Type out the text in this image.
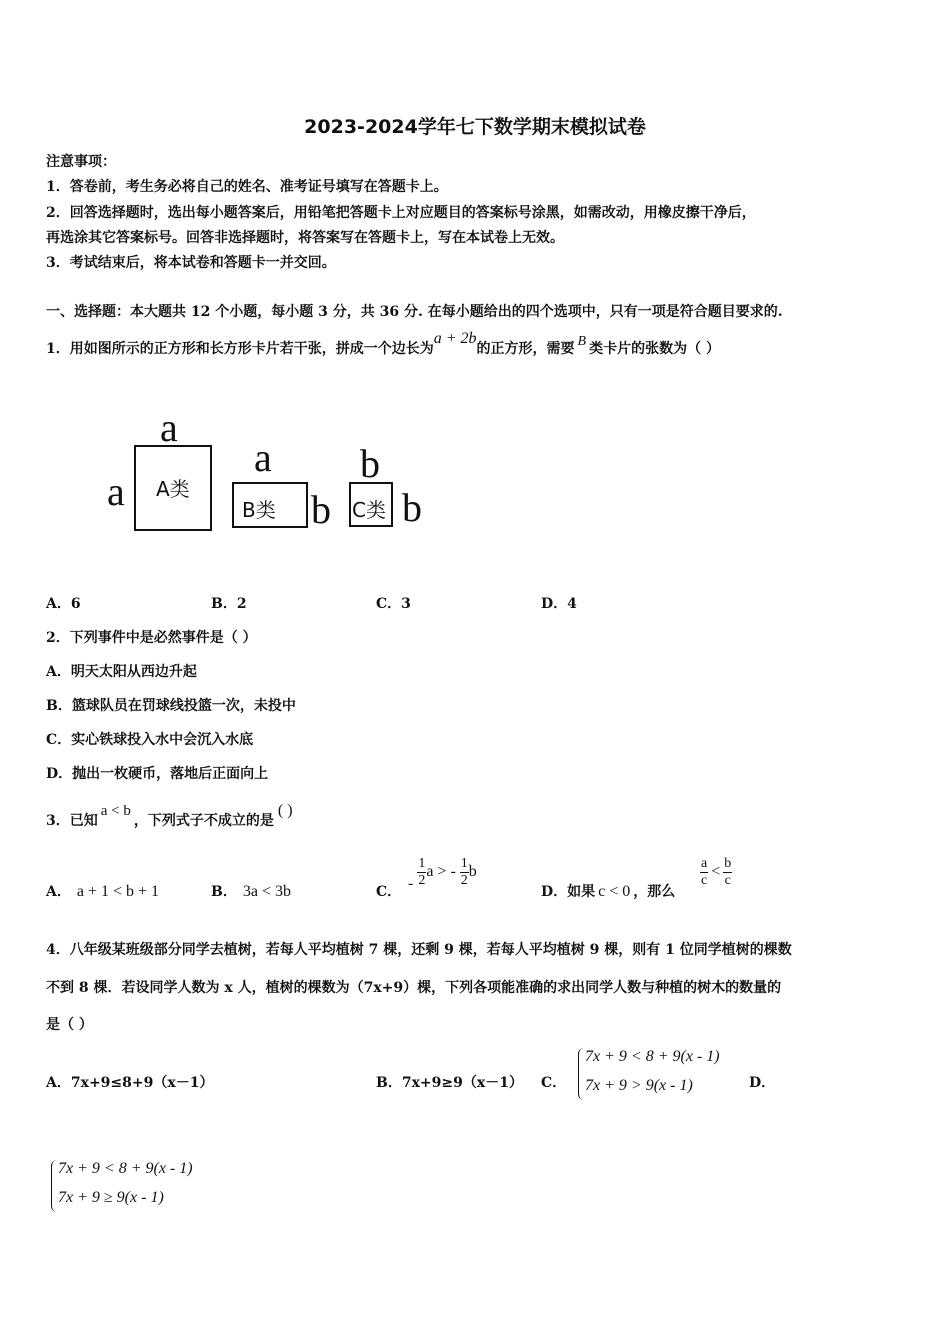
2023-2024学年七下数学期末模拟试卷
注意事项：
1．答卷前，考生务必将自己的姓名、准考证号填写在答题卡上。
2．回答选择题时，选出每小题答案后，用铅笔把答题卡上对应题目的答案标号涂黑，如需改动，用橡皮擦干净后，
再选涂其它答案标号。回答非选择题时，将答案写在答题卡上，写在本试卷上无效。
3．考试结束后，将本试卷和答题卡一并交回。
一、选择题：本大题共 12 个小题，每小题 3 分，共 36 分. 在每小题给出的四个选项中，只有一项是符合题目要求的.
1．用如图所示的正方形和长方形卡片若干张，拼成一个边长为a + 2b的正方形，需要 B 类卡片的张数为（ ）
a
a A类
a
B类 b
b
C类 b
A．6	B．2	C．3	D．4
2．下列事件中是必然事件是（ ）
A．明天太阳从西边升起
B．篮球队员在罚球线投篮一次，未投中
C．实心铁球投入水中会沉入水底
D．抛出一枚硬币，落地后正面向上
3．已知a < b，下列式子不成立的是( )
A． a + 1 < b + 1	B． 3a < 3b	C． - $\frac{1}{2}$ a > - $\frac{1}{2}$ b
D．如果 c < 0 ，那么
$\frac{a}{c} < \frac{b}{c}$
4．八年级某班级部分同学去植树，若每人平均植树 7 棵，还剩 9 棵，若每人平均植树 9 棵，则有 1 位同学植树的棵数
不到 8 棵．若设同学人数为 x 人，植树的棵数为（7x+9）棵，下列各项能准确的求出同学人数与种植的树木的数量的
是（ ）
A．7x+9≤8+9（x－1）	B．7x+9≥9（x－1） C．
7x + 9 < 8 + 9(x - 1)
7x + 9 > 9(x - 1)	D．
7x + 9 < 8 + 9(x - 1)
7x + 9 ≥ 9(x - 1)
